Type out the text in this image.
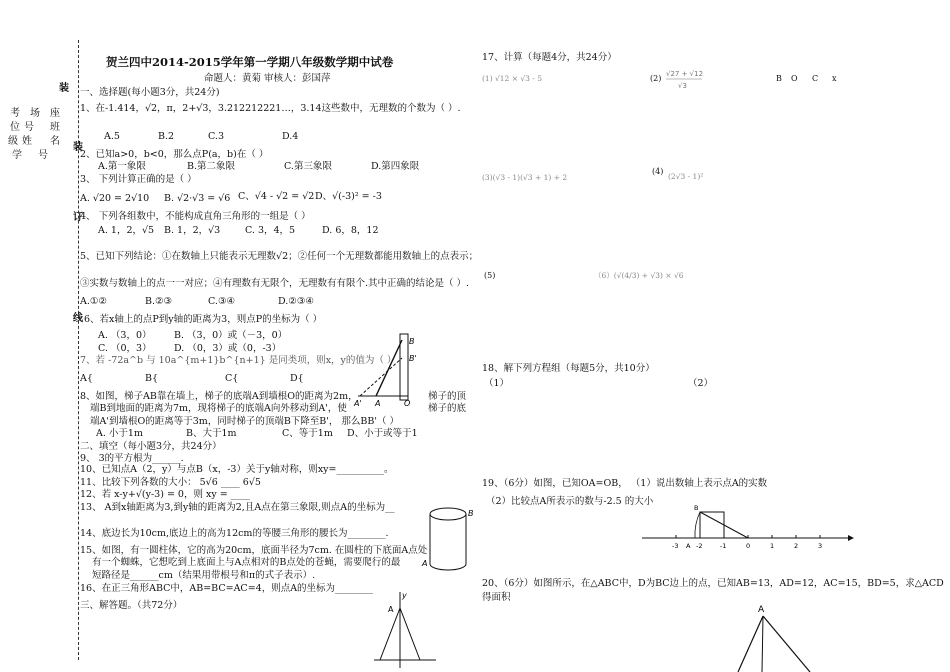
装
装
订
线
考 场 座
位 号 班
级 姓 名
学 号
贺兰四中2014-2015学年第一学期八年级数学期中试卷
命题人：黄菊 审核人：彭国萍
一、选择题(每小题3分，共24分)
1、在-1.414，√2，π，2+√3，3.212212221…，3.14这些数中，无理数的个数为（ ）.
A.5	B.2	C.3	D.4
2、已知a>0，b<0，那么点P(a，b)在（ ）
A.第一象限	B.第二象限	C.第三象限	D.第四象限
3、 下列计算正确的是（ ）
A. √20 = 2√10 B. √2·√3 = √6 C、√4 - √2 = √2 D、√(-3)² = -3
4、 下列各组数中，不能构成直角三角形的一组是（ ）
A. 1，2，√5 B. 1，2，√3	C. 3，4，5	D. 6，8，12
5、已知下列结论：①在数轴上只能表示无理数√2；②任何一个无理数都能用数轴上的点表示；
③实数与数轴上的点一一对应；④有理数有无限个，无理数有有限个.其中正确的结论是（ ）.
A.①②	B.②③	C.③④	D.②③④
6、若x轴上的点P到y轴的距离为3，则点P的坐标为（ ）
A. （3，0） B. （3，0）或（－3，0）
C. （0，3） D. （0，3）或（0，-3）
7、若 -72a^b 与 10a^{m+1}b^{n+1} 是同类项，则x，y的值为（ ）
A{	B{	C{	D{
8、如图，梯子AB靠在墙上，梯子的底端A到墙根O的距离为2m，	梯子的顶
端B到地面的距离为7m，现将梯子的底端A向外移动到A'，使	梯子的底
端A'到墙根O的距离等于3m，同时梯子的顶端B下降至B'， 那么BB'（ ）
A. 小于1m	B、大于1m	C、等于1m D、小于或等于1
B
B'
A' A	O
二、填空（每小题3分，共24分）
9、 3的平方根为______.
10、已知点A（2，y）与点B（x，-3）关于y轴对称，则xy=__________。
11、比较下列各数的大小： 5√6 ____ 6√5
12、若 x-y+√(y-3) = 0，则 xy = ____
13、 A到x轴距离为3,到y轴的距离为2,且A点在第三象限,则点A的坐标为__
14、底边长为10cm,底边上的高为12cm的等腰三角形的腰长为________.
15、如图，有一圆柱体，它的高为20cm，底面半径为7cm. 在圆柱的下底面A点处
有一个蜘蛛，它想吃到上底面上与A点相对的B点处的苍蝇，需要爬行的最
短路径是______cm（结果用带根号和π的式子表示）.
16、在正三角形ABC中，AB=BC=AC=4，则点A的坐标为________
三、解答题。（共72分）
B
A
A
y
17、计算（每题4分，共24分）
(1) √12 × √3 - 5	(2) √27 + √12
√3
B O C x
(3)(√3 - 1)(√3 + 1) + 2
(4)
(2√3 - 1)²
(5)	（6）(√(4/3) + √3) × √6
18、解下列方程组（每题5分，共10分）
（1）	（2）
19、（6分）如图，已知OA=OB， （1）说出数轴上表示点A的实数
（2）比较点A所表示的数与-2.5 的大小
-3	-2	-1	0	1	2	3
B
A
20、（6分）如图所示，在△ABC中，D为BC边上的点，已知AB=13，AD=12，AC=15，BD=5，求△ACD
得面积
A
